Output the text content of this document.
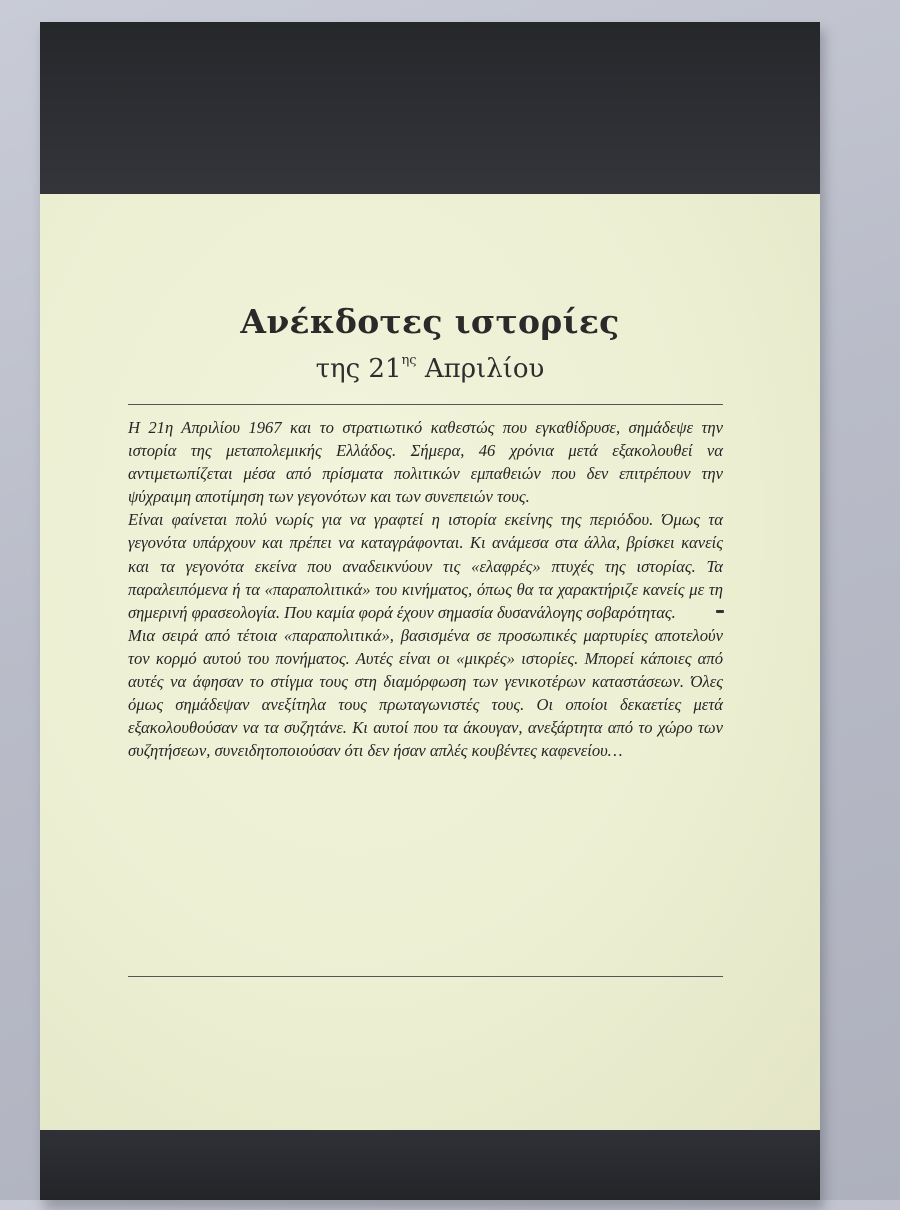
Ανέκδοτες ιστορίες
της $21^{\eta\varsigma}$ Απριλίου

Η 21η Απριλίου 1967 και το στρατιωτικό καθεστώς που εγκαθίδρυσε, σημάδεψε την ιστορία της μεταπολεμικής Ελλάδος. Σήμερα, 46 χρόνια μετά εξακολουθεί να αντιμετωπίζεται μέσα από πρίσματα πολιτικών εμπαθειών που δεν επιτρέπουν την ψύχραιμη αποτίμηση των γεγονότων και των συνεπειών τους.

Είναι φαίνεται πολύ νωρίς για να γραφτεί η ιστορία εκείνης της περιόδου. Όμως τα γεγονότα υπάρχουν και πρέπει να καταγράφονται. Κι ανάμεσα στα άλλα, βρίσκει κανείς και τα γεγονότα εκείνα που αναδεικνύουν τις «ελαφρές» πτυχές της ιστορίας. Τα παραλειπόμενα ή τα «παραπολιτικά» του κινήματος, όπως θα τα χαρακτήριζε κανείς με τη σημερινή φρασεολογία. Που καμία φορά έχουν σημασία δυσανάλογης σοβαρότητας.

Μια σειρά από τέτοια «παραπολιτικά», βασισμένα σε προσωπικές μαρτυρίες αποτελούν τον κορμό αυτού του πονήματος. Αυτές είναι οι «μικρές» ιστορίες. Μπορεί κάποιες από αυτές να άφησαν το στίγμα τους στη διαμόρφωση των γενικοτέρων καταστάσεων. Όλες όμως σημάδεψαν ανεξίτηλα τους πρωταγωνιστές τους. Οι οποίοι δεκαετίες μετά εξακολουθούσαν να τα συζητάνε. Κι αυτοί που τα άκουγαν, ανεξάρτητα από το χώρο των συζητήσεων, συνειδητοποιούσαν ότι δεν ήσαν απλές κουβέντες καφενείου…
